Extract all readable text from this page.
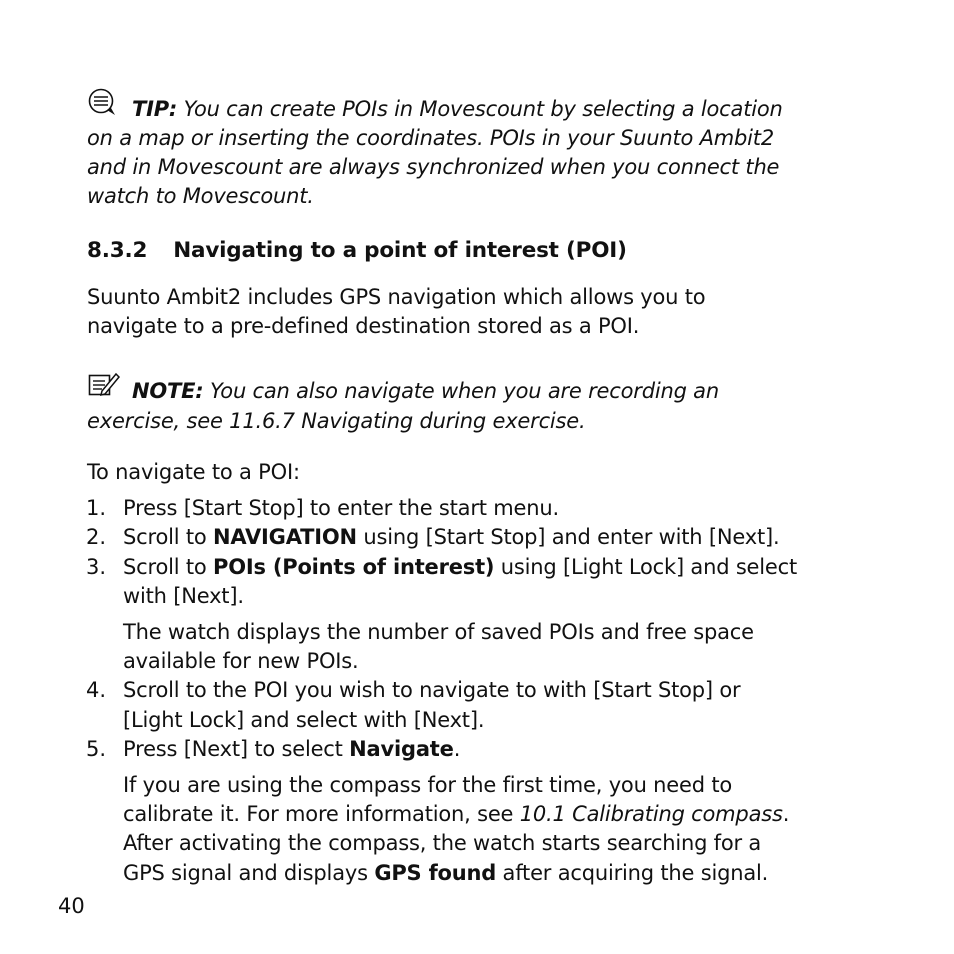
TIP: You can create POIs in Movescount by selecting a location
on a map or inserting the coordinates. POIs in your Suunto Ambit2
and in Movescount are always synchronized when you connect the
watch to Movescount.
8.3.2 Navigating to a point of interest (POI)
Suunto Ambit2 includes GPS navigation which allows you to
navigate to a pre-defined destination stored as a POI.
NOTE: You can also navigate when you are recording an
exercise, see 11.6.7 Navigating during exercise.
To navigate to a POI:
1. Press [Start Stop] to enter the start menu.
2. Scroll to NAVIGATION using [Start Stop] and enter with [Next].
3. Scroll to POIs (Points of interest) using [Light Lock] and select
with [Next].
The watch displays the number of saved POIs and free space
available for new POIs.
4. Scroll to the POI you wish to navigate to with [Start Stop] or
[Light Lock] and select with [Next].
5. Press [Next] to select Navigate.
If you are using the compass for the first time, you need to
calibrate it. For more information, see 10.1 Calibrating compass.
After activating the compass, the watch starts searching for a
GPS signal and displays GPS found after acquiring the signal.
40
